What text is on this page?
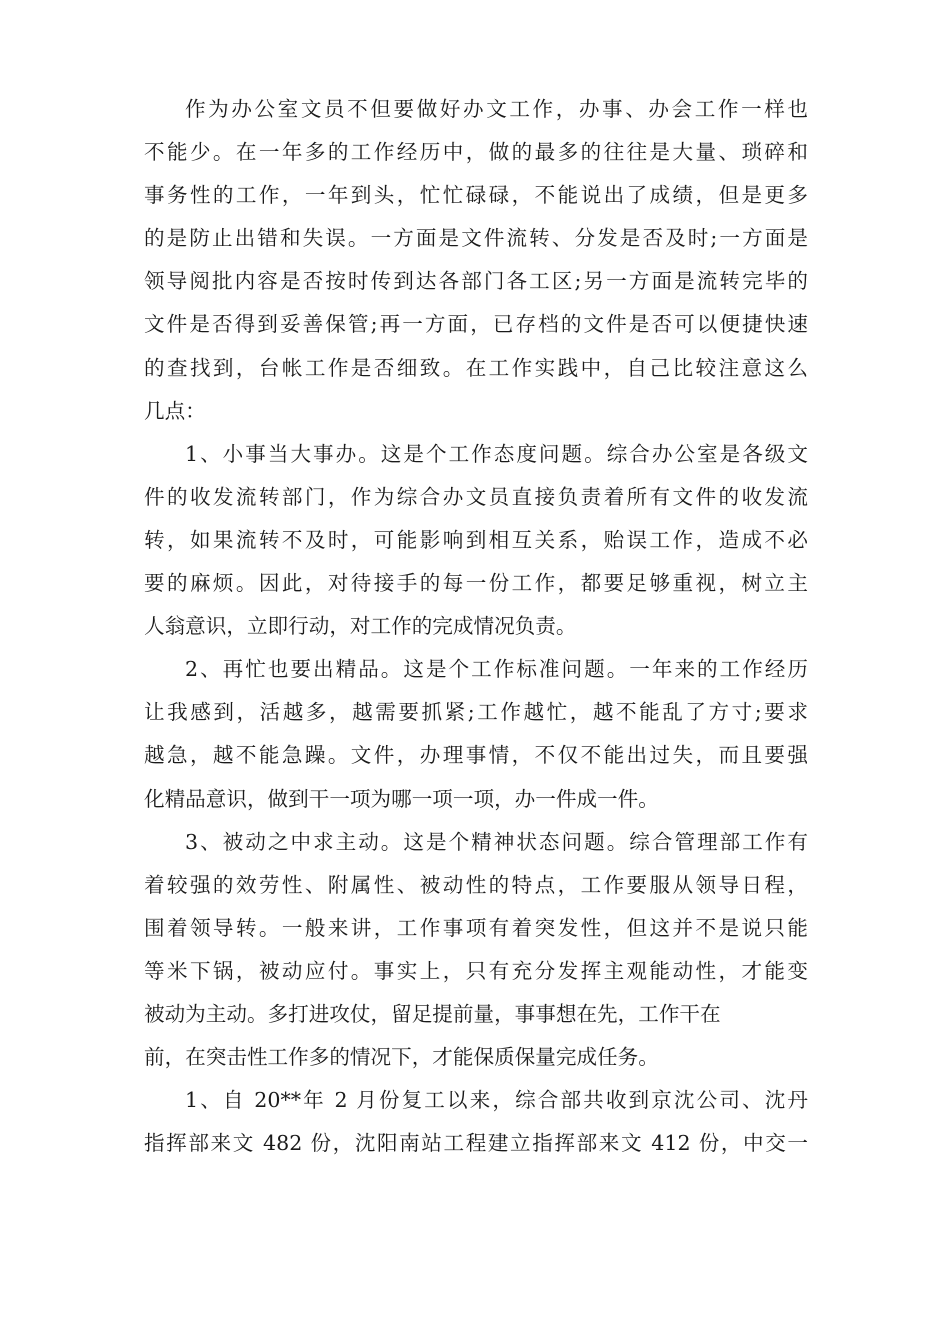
作为办公室文员不但要做好办文工作，办事、办会工作一样也
不能少。在一年多的工作经历中，做的最多的往往是大量、琐碎和
事务性的工作，一年到头，忙忙碌碌，不能说出了成绩，但是更多
的是防止出错和失误。一方面是文件流转、分发是否及时;一方面是
领导阅批内容是否按时传到达各部门各工区;另一方面是流转完毕的
文件是否得到妥善保管;再一方面，已存档的文件是否可以便捷快速
的查找到，台帐工作是否细致。在工作实践中，自己比较注意这么
几点：
1、小事当大事办。这是个工作态度问题。综合办公室是各级文
件的收发流转部门，作为综合办文员直接负责着所有文件的收发流
转，如果流转不及时，可能影响到相互关系，贻误工作，造成不必
要的麻烦。因此，对待接手的每一份工作，都要足够重视，树立主
人翁意识，立即行动，对工作的完成情况负责。
2、再忙也要出精品。这是个工作标准问题。一年来的工作经历
让我感到，活越多，越需要抓紧;工作越忙，越不能乱了方寸;要求
越急，越不能急躁。文件，办理事情，不仅不能出过失，而且要强
化精品意识，做到干一项为哪一项一项，办一件成一件。
3、被动之中求主动。这是个精神状态问题。综合管理部工作有
着较强的效劳性、附属性、被动性的特点，工作要服从领导日程，
围着领导转。一般来讲，工作事项有着突发性，但这并不是说只能
等米下锅，被动应付。事实上，只有充分发挥主观能动性，才能变
被动为主动。多打进攻仗，留足提前量，事事想在先，工作干在
前，在突击性工作多的情况下，才能保质保量完成任务。
1、自 20**年 2 月份复工以来，综合部共收到京沈公司、沈丹
指挥部来文 482 份，沈阳南站工程建立指挥部来文 412 份，中交一
